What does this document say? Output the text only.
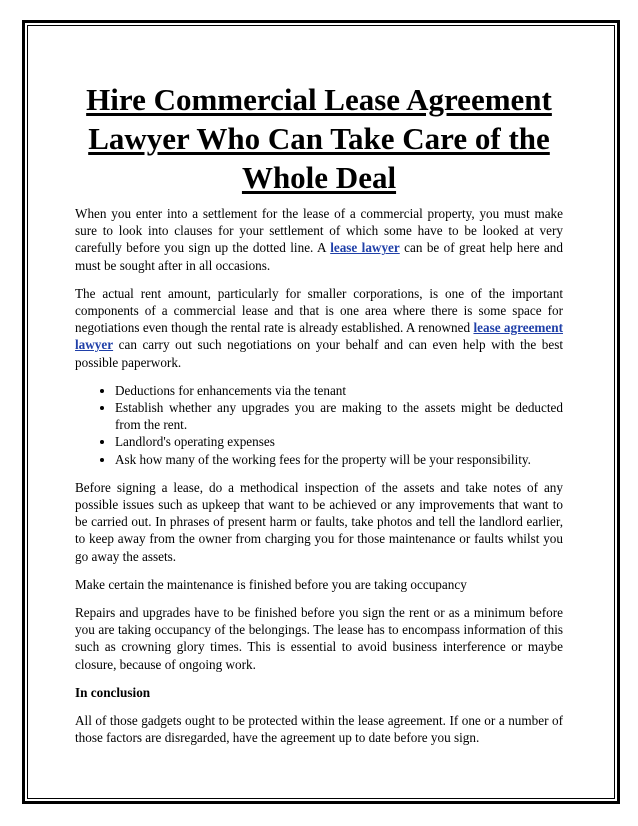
Hire Commercial Lease Agreement Lawyer Who Can Take Care of the Whole Deal

When you enter into a settlement for the lease of a commercial property, you must make sure to look into clauses for your settlement of which some have to be looked at very carefully before you sign up the dotted line. A lease lawyer can be of great help here and must be sought after in all occasions.

The actual rent amount, particularly for smaller corporations, is one of the important components of a commercial lease and that is one area where there is some space for negotiations even though the rental rate is already established. A renowned lease agreement lawyer can carry out such negotiations on your behalf and can even help with the best possible paperwork.

• Deductions for enhancements via the tenant
• Establish whether any upgrades you are making to the assets might be deducted from the rent.
• Landlord's operating expenses
• Ask how many of the working fees for the property will be your responsibility.

Before signing a lease, do a methodical inspection of the assets and take notes of any possible issues such as upkeep that want to be achieved or any improvements that want to be carried out. In phrases of present harm or faults, take photos and tell the landlord earlier, to keep away from the owner from charging you for those maintenance or faults whilst you go away the assets.

Make certain the maintenance is finished before you are taking occupancy

Repairs and upgrades have to be finished before you sign the rent or as a minimum before you are taking occupancy of the belongings. The lease has to encompass information of this such as crowning glory times. This is essential to avoid business interference or maybe closure, because of ongoing work.

In conclusion

All of those gadgets ought to be protected within the lease agreement. If one or a number of those factors are disregarded, have the agreement up to date before you sign.
